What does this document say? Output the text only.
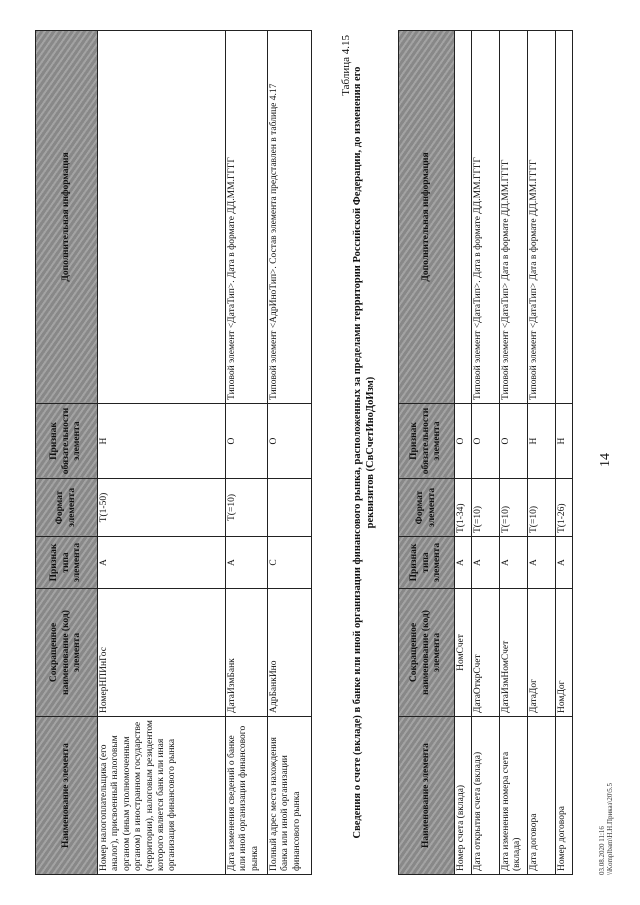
14
Наименование элемента	Сокращенное наименование (код) элемента	Признак типа элемента	Формат элемента	Признак обязательности элемента	Дополнительная информация
Номер налогоплательщика (его аналог), присвоенный налоговым органом (иным уполномоченным органом) в иностранном государстве (территории), налоговым резидентом которого является банк или иная организация финансового рынка	НомерНПИнГос	А	T(1-50)	Н	
Дата изменения сведений о банке или иной организации финансового рынка	ДатаИзмБанк	А	T(=10)	О	Типовой элемент <ДатаТип>. Дата в формате ДД.ММ.ГГГГ
Полный адрес места нахождения банка или иной организации финансового рынка	АдрБанкИно	С		О	Типовой элемент <АдрИноТип>. Состав элемента представлен в таблице 4.17
Таблица 4.15
Сведения о счете (вкладе) в банке или иной организации финансового рынка, расположенных за пределами территории Российской Федерации, до изменения его реквизитов (СвСчетИноДоИзм)
Наименование элемента	Сокращенное наименование (код) элемента	Признак типа элемента	Формат элемента	Признак обязательности элемента	Дополнительная информация
Номер счета (вклада)	НомСчет	А	T(1-34)	О	
Дата открытия счета (вклада)	ДатаОткрСчет	А	T(=10)	О	Типовой элемент <ДатаТип>. Дата в формате ДД.ММ.ГГГГ
Дата изменения номера счета (вклада)	ДатаИзмНомСчет	А	T(=10)	О	Типовой элемент <ДатаТип> Дата в формате ДД.ММ.ГГГГ
Дата договора	ДатаДог	А	T(=10)	Н	Типовой элемент <ДатаТип> Дата в формате ДД.ММ.ГГГГ
Номер договора	НомДог	А	T(1-26)	Н	
03.08.2020 11:16 \\Komplbam\Н.Н.Приказ\20\5.5
